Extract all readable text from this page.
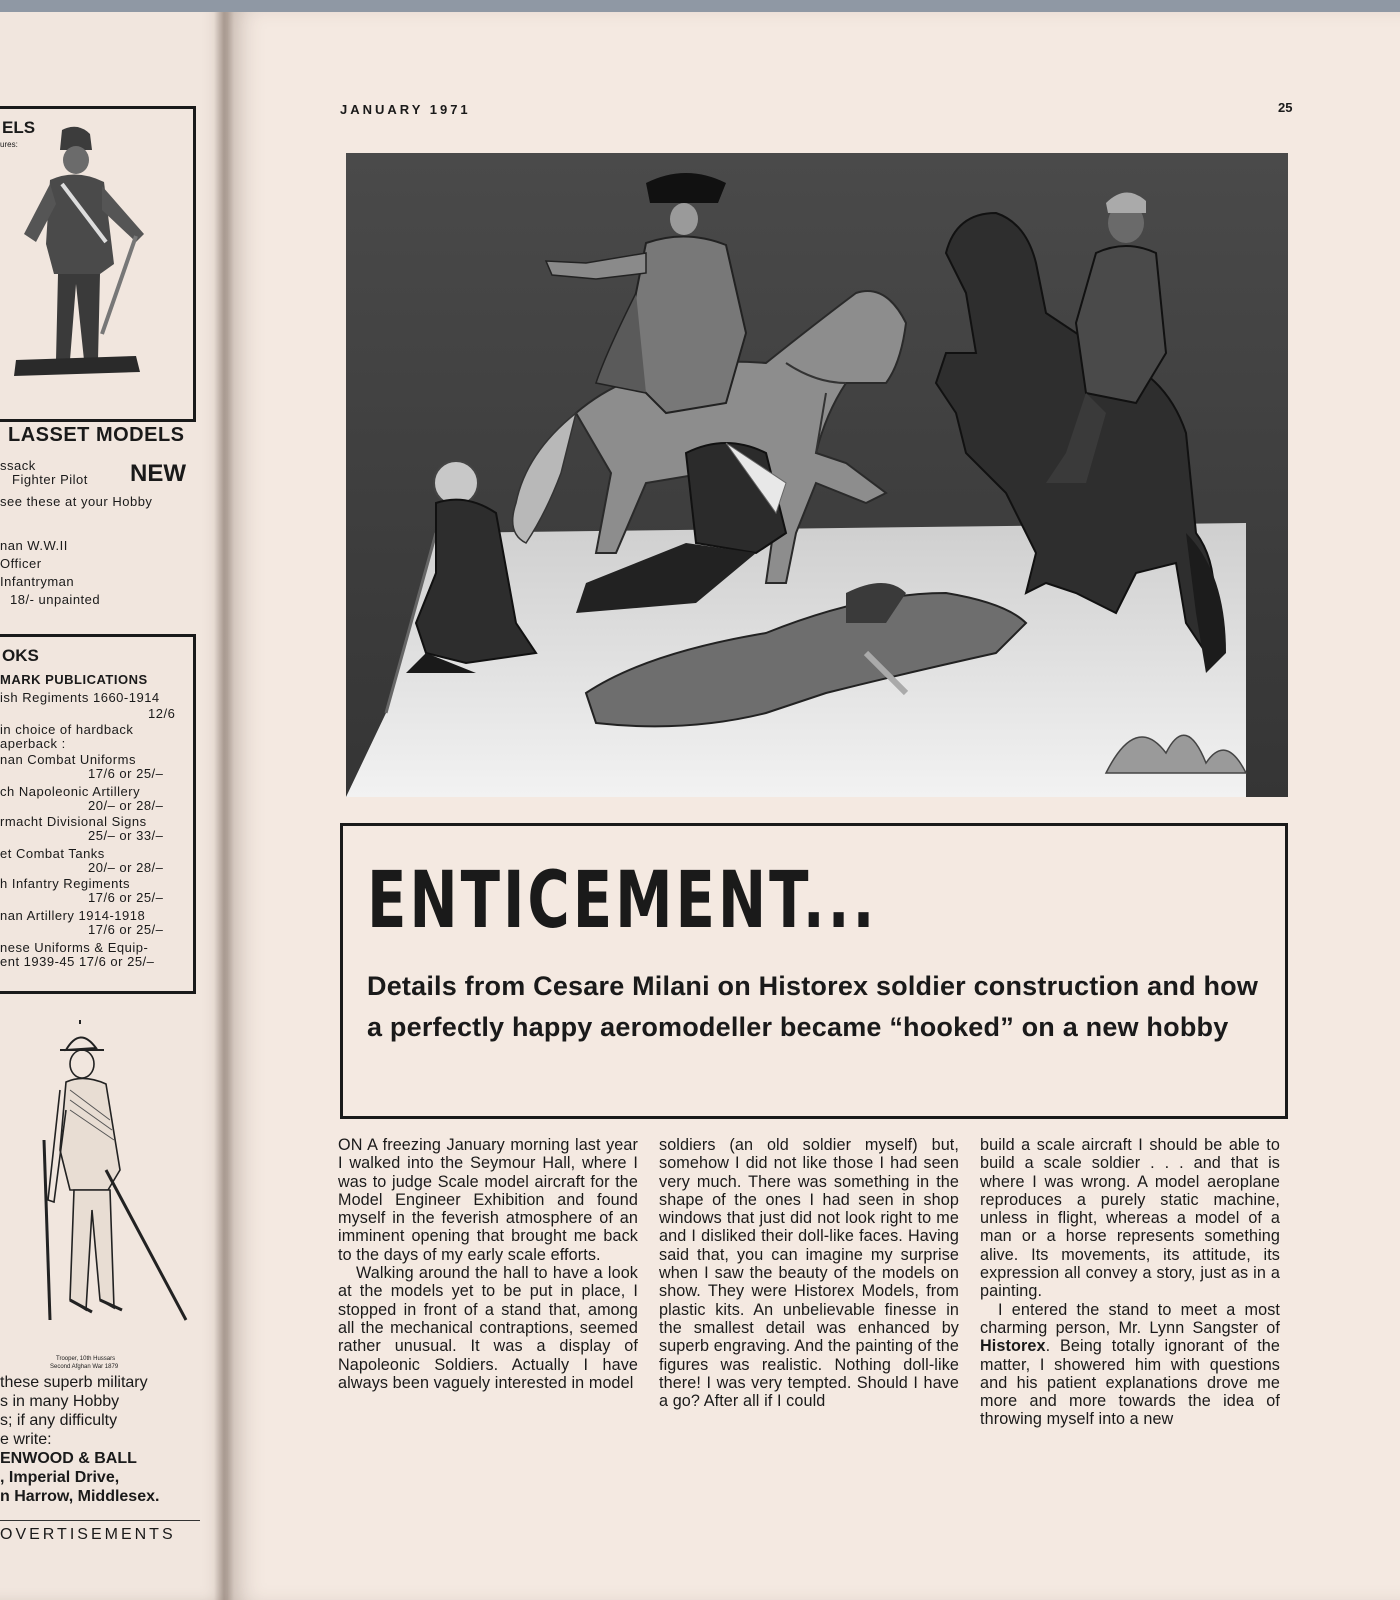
ELS
ures:
LASSET MODELS
ssack
Fighter Pilot NEW
see these at your Hobby
nan W.W.II
Officer
Infantryman
18/- unpainted
OKS
MARK PUBLICATIONS
ish Regiments 1660-1914
12/6
in choice of hardback
aperback :
nan Combat Uniforms
17/6 or 25/–
ch Napoleonic Artillery
20/– or 28/–
rmacht Divisional Signs
25/– or 33/–
et Combat Tanks
20/– or 28/–
h Infantry Regiments
17/6 or 25/–
nan Artillery 1914-1918
17/6 or 25/–
nese Uniforms & Equip-
ent 1939-45 17/6 or 25/–
Trooper, 10th Hussars
Second Afghan War 1879
these superb military
s in many Hobby
s; if any difficulty
e write:
ENWOOD & BALL
, Imperial Drive,
n Harrow, Middlesex.
OVERTISEMENTS
JANUARY 1971	25
ENTICEMENT...

Details from Cesare Milani on Historex soldier construction and how a perfectly happy aeromodeller became “hooked” on a new hobby

ON A freezing January morning last year I walked into the Seymour Hall, where I was to judge Scale model aircraft for the Model Engineer Exhibition and found myself in the feverish atmosphere of an imminent opening that brought me back to the days of my early scale efforts.

Walking around the hall to have a look at the models yet to be put in place, I stopped in front of a stand that, among all the mechanical contraptions, seemed rather unusual. It was a display of Napoleonic Soldiers. Actually I have always been vaguely interested in model

soldiers (an old soldier myself) but, somehow I did not like those I had seen very much. There was something in the shape of the ones I had seen in shop windows that just did not look right to me and I disliked their doll-like faces. Having said that, you can imagine my surprise when I saw the beauty of the models on show. They were Historex Models, from plastic kits. An unbelievable finesse in the smallest detail was enhanced by superb engraving. And the painting of the figures was realistic. Nothing doll-like there! I was very tempted. Should I have a go? After all if I could

build a scale aircraft I should be able to build a scale soldier . . . and that is where I was wrong. A model aeroplane reproduces a purely static machine, unless in flight, whereas a model of a man or a horse represents something alive. Its movements, its attitude, its expression all convey a story, just as in a painting.

I entered the stand to meet a most charming person, Mr. Lynn Sangster of Historex. Being totally ignorant of the matter, I showered him with questions and his patient explanations drove me more and more towards the idea of throwing myself into a new
